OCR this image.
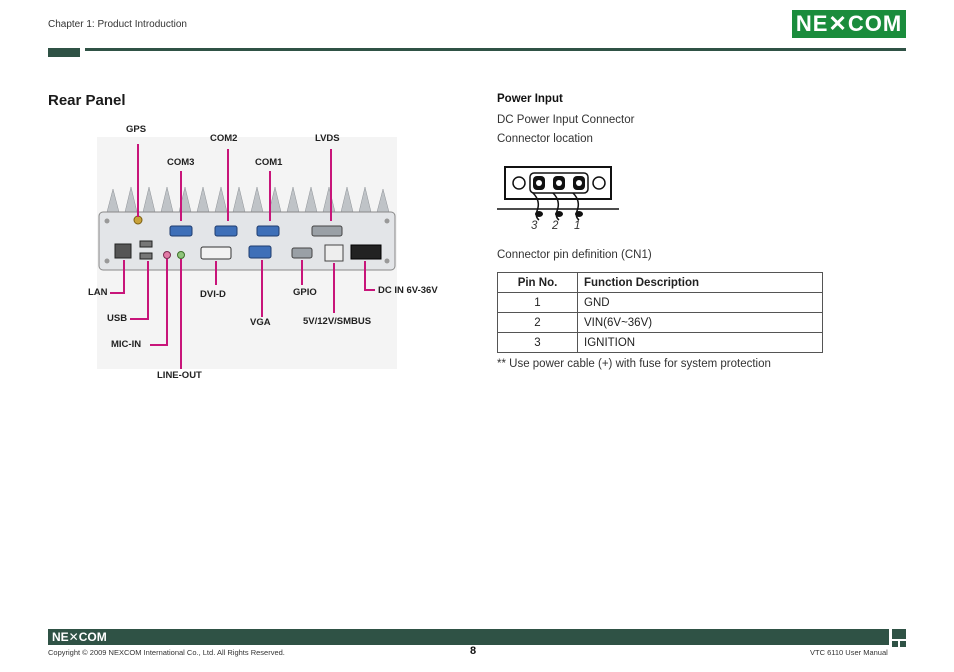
Chapter 1: Product Introduction	NE✕COM
Rear Panel
GPS
COM2	LVDS
COM3	COM1
LAN	DVI-D	GPIO	DC IN 6V-36V
USB	VGA	5V/12V/SMBUS
MIC-IN
LINE-OUT
Power Input
DC Power Input Connector
Connector location
3 2 1
Connector pin definition (CN1)
Pin No.	Function Description
1	GND
2	VIN(6V~36V)
3	IGNITION
** Use power cable (+) with fuse for system protection
NE✕COM
Copyright © 2009 NEXCOM International Co., Ltd. All Rights Reserved.	8	VTC 6110 User Manual
